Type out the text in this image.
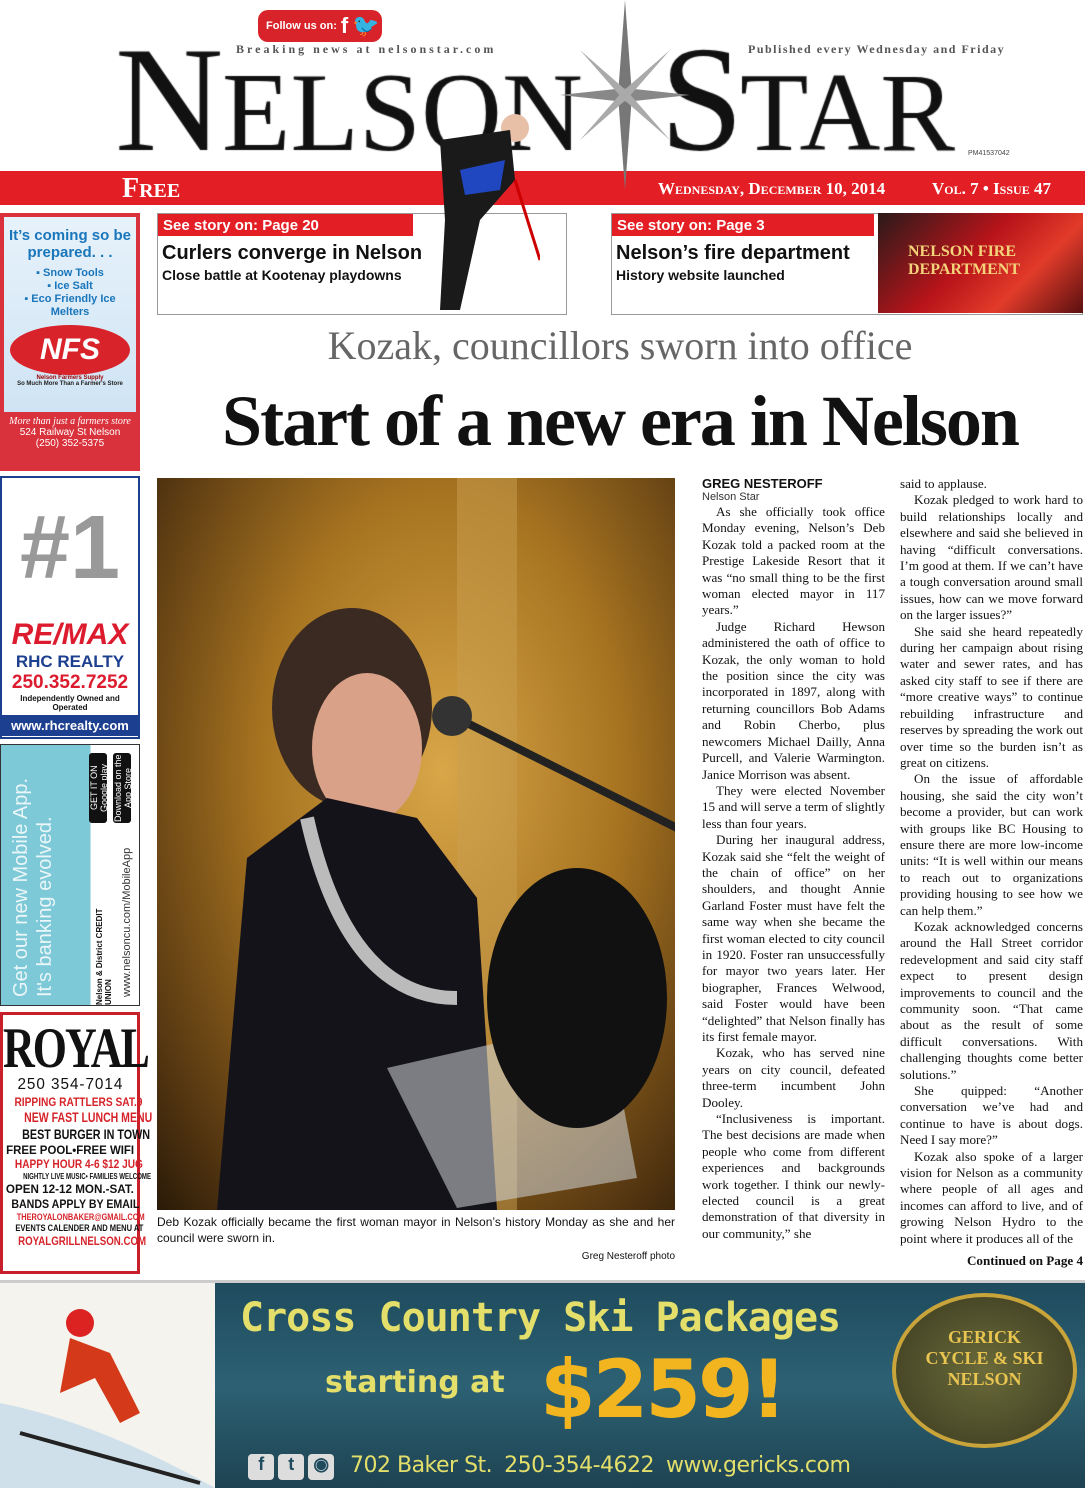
Follow us on: f 🐦
Breaking news at nelsonstar.com	Published every Wednesday and Friday
PM41537042
Free	Wednesday, December 10, 2014	Vol. 7 • Issue 47
See story on: Page 20
Curlers converge in Nelson
Close battle at Kootenay playdowns
See story on: Page 3
Nelson’s fire department
History website launched
NELSON FIRE DEPARTMENT
Kozak, councillors sworn into office
Start of a new era in Nelson
Deb Kozak officially became the first woman mayor in Nelson’s history Monday as she and her council were sworn in.
Greg Nesteroff photo
GREG NESTEROFF
Nelson Star

As she officially took office Monday evening, Nelson’s Deb Kozak told a packed room at the Prestige Lakeside Resort that it was “no small thing to be the first woman elected mayor in 117 years.”

Judge Richard Hewson administered the oath of office to Kozak, the only woman to hold the position since the city was incorporated in 1897, along with returning councillors Bob Adams and Robin Cherbo, plus newcomers Michael Dailly, Anna Purcell, and Valerie Warmington. Janice Morrison was absent.

They were elected November 15 and will serve a term of slightly less than four years.

During her inaugural address, Kozak said she “felt the weight of the chain of office” on her shoulders, and thought Annie Garland Foster must have felt the same way when she became the first woman elected to city council in 1920. Foster ran unsuccessfully for mayor two years later. Her biographer, Frances Welwood, said Foster would have been “delighted” that Nelson finally has its first female mayor.

Kozak, who has served nine years on city council, defeated three-term incumbent John Dooley.

“Inclusiveness is important. The best decisions are made when people who come from different experiences and backgrounds work together. I think our newly-elected council is a great demonstration of that diversity in our community,” she

said to applause.

Kozak pledged to work hard to build relationships locally and elsewhere and said she believed in having “difficult conversations. I’m good at them. If we can’t have a tough conversation around small issues, how can we move forward on the larger issues?”

She said she heard repeatedly during her campaign about rising water and sewer rates, and has asked city staff to see if there are “more creative ways” to continue rebuilding infrastructure and reserves by spreading the work out over time so the burden isn’t as great on citizens.

On the issue of affordable housing, she said the city won’t become a provider, but can work with groups like BC Housing to ensure there are more low-income units: “It is well within our means to reach out to organizations providing housing to see how we can help them.”

Kozak acknowledged concerns around the Hall Street corridor redevelopment and said city staff expect to present design improvements to council and the community soon. “That came about as the result of some difficult conversations. With challenging thoughts come better solutions.”

She quipped: “Another conversation we’ve had and continue to have is about dogs. Need I say more?”

Kozak also spoke of a larger vision for Nelson as a community where people of all ages and incomes can afford to live, and of growing Nelson Hydro to the point where it produces all of the

Continued on Page 4
It’s coming so be prepared. . .
▪ Snow Tools
▪ Ice Salt
▪ Eco Friendly Ice Melters
NFS
Nelson Farmers Supply
So Much More Than a Farmer's Store
More than just a farmers store
524 Railway St Nelson
(250) 352-5375
#1
RE/MAX
RHC REALTY
250.352.7252
Independently Owned and Operated
www.rhcrealty.com
Get our new Mobile App. It's banking evolved.
GET IT ON Google play Download on the App Store
Nelson & District CREDIT UNION www.nelsoncu.com/MobileApp
ROYAL
250 354-7014
RIPPING RATTLERS SAT.9
NEW FAST LUNCH MENU
BEST BURGER IN TOWN
FREE POOL•FREE WIFI
HAPPY HOUR 4-6 $12 JUG
NIGHTLY LIVE MUSIC• FAMILIES WELCOME
OPEN 12-12 MON.-SAT.
BANDS APPLY BY EMAIL
THEROYALONBAKER@GMAIL.COM
EVENTS CALENDER AND MENU AT
ROYALGRILLNELSON.COM
Cross Country Ski Packages
starting at $259!
f t ◉ 702 Baker St. 250-354-4622 www.gericks.com
GERICK CYCLE & SKI NELSON
